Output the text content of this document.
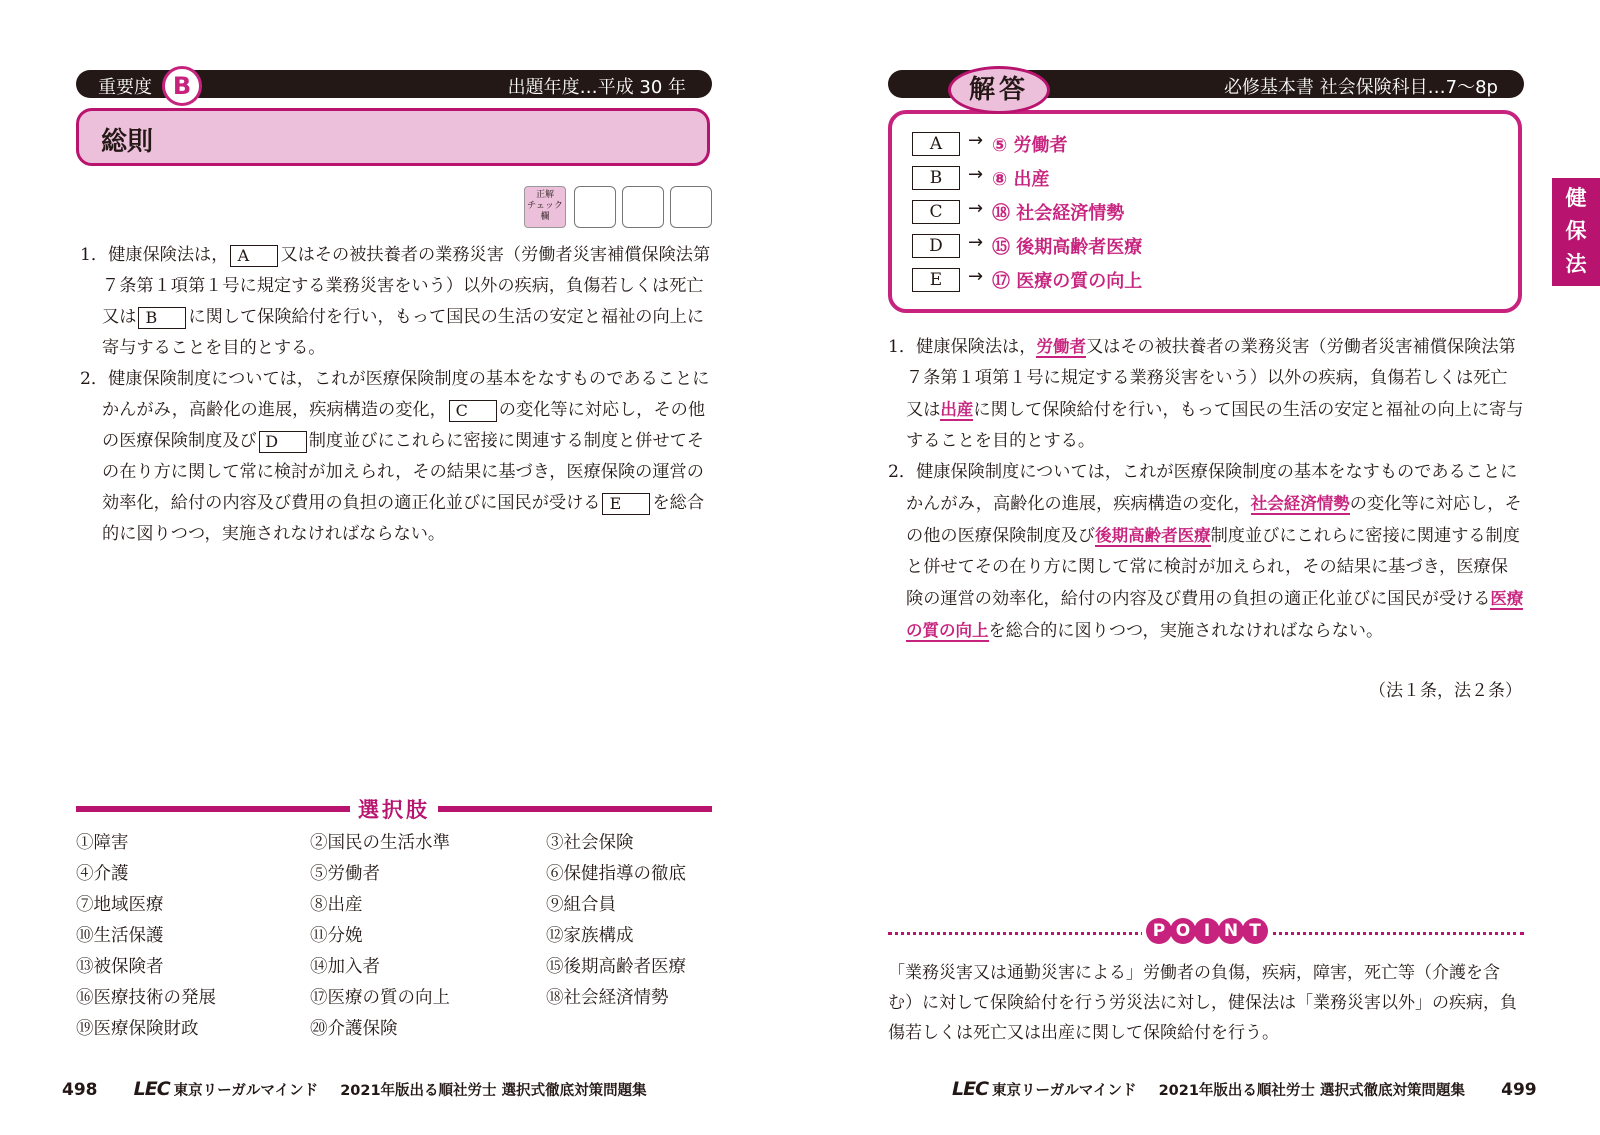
重要度	出題年度…平成 30 年
B
総則
正解
チェック
欄

1．健康保険法は， A 又はその被扶養者の業務災害（労働者災害補償保険法第７条第１項第１号に規定する業務災害をいう）以外の疾病，負傷若しくは死亡又は B に関して保険給付を行い，もって国民の生活の安定と福祉の向上に寄与することを目的とする。

2．健康保険制度については，これが医療保険制度の基本をなすものであることにかんがみ，高齢化の進展，疾病構造の変化， C の変化等に対応し，その他の医療保険制度及び D 制度並びにこれらに密接に関連する制度と併せてその在り方に関して常に検討が加えられ，その結果に基づき，医療保険の運営の効率化，給付の内容及び費用の負担の適正化並びに国民が受ける E を総合的に図りつつ，実施されなければならない。

選択肢
①障害	②国民の生活水準	③社会保険
④介護	⑤労働者	⑥保健指導の徹底
⑦地域医療	⑧出産	⑨組合員
⑩生活保護	⑪分娩	⑫家族構成
⑬被保険者	⑭加入者	⑮後期高齢者医療
⑯医療技術の発展	⑰医療の質の向上	⑱社会経済情勢
⑲医療保険財政	⑳介護保険
498 LEC 東京リーガルマインド 2021年版出る順社労士 選択式徹底対策問題集
必修基本書 社会保険科目…7～8p
解答
A	→ ⑤ 労働者
B	→ ⑧ 出産
C	→ ⑱ 社会経済情勢
D	→ ⑮ 後期高齢者医療
E	→ ⑰ 医療の質の向上

1．健康保険法は，労働者又はその被扶養者の業務災害（労働者災害補償保険法第７条第１項第１号に規定する業務災害をいう）以外の疾病，負傷若しくは死亡又は出産に関して保険給付を行い，もって国民の生活の安定と福祉の向上に寄与することを目的とする。

2．健康保険制度については，これが医療保険制度の基本をなすものであることにかんがみ，高齢化の進展，疾病構造の変化，社会経済情勢の変化等に対応し，その他の医療保険制度及び後期高齢者医療制度並びにこれらに密接に関連する制度と併せてその在り方に関して常に検討が加えられ，その結果に基づき，医療保険の運営の効率化，給付の内容及び費用の負担の適正化並びに国民が受ける医療の質の向上を総合的に図りつつ，実施されなければならない。

（法１条，法２条）
健
保
法
P O I N T

「業務災害又は通勤災害による」労働者の負傷，疾病，障害，死亡等（介護を含む）に対して保険給付を行う労災法に対し，健保法は「業務災害以外」の疾病，負傷若しくは死亡又は出産に関して保険給付を行う。

LEC 東京リーガルマインド 2021年版出る順社労士 選択式徹底対策問題集 499
